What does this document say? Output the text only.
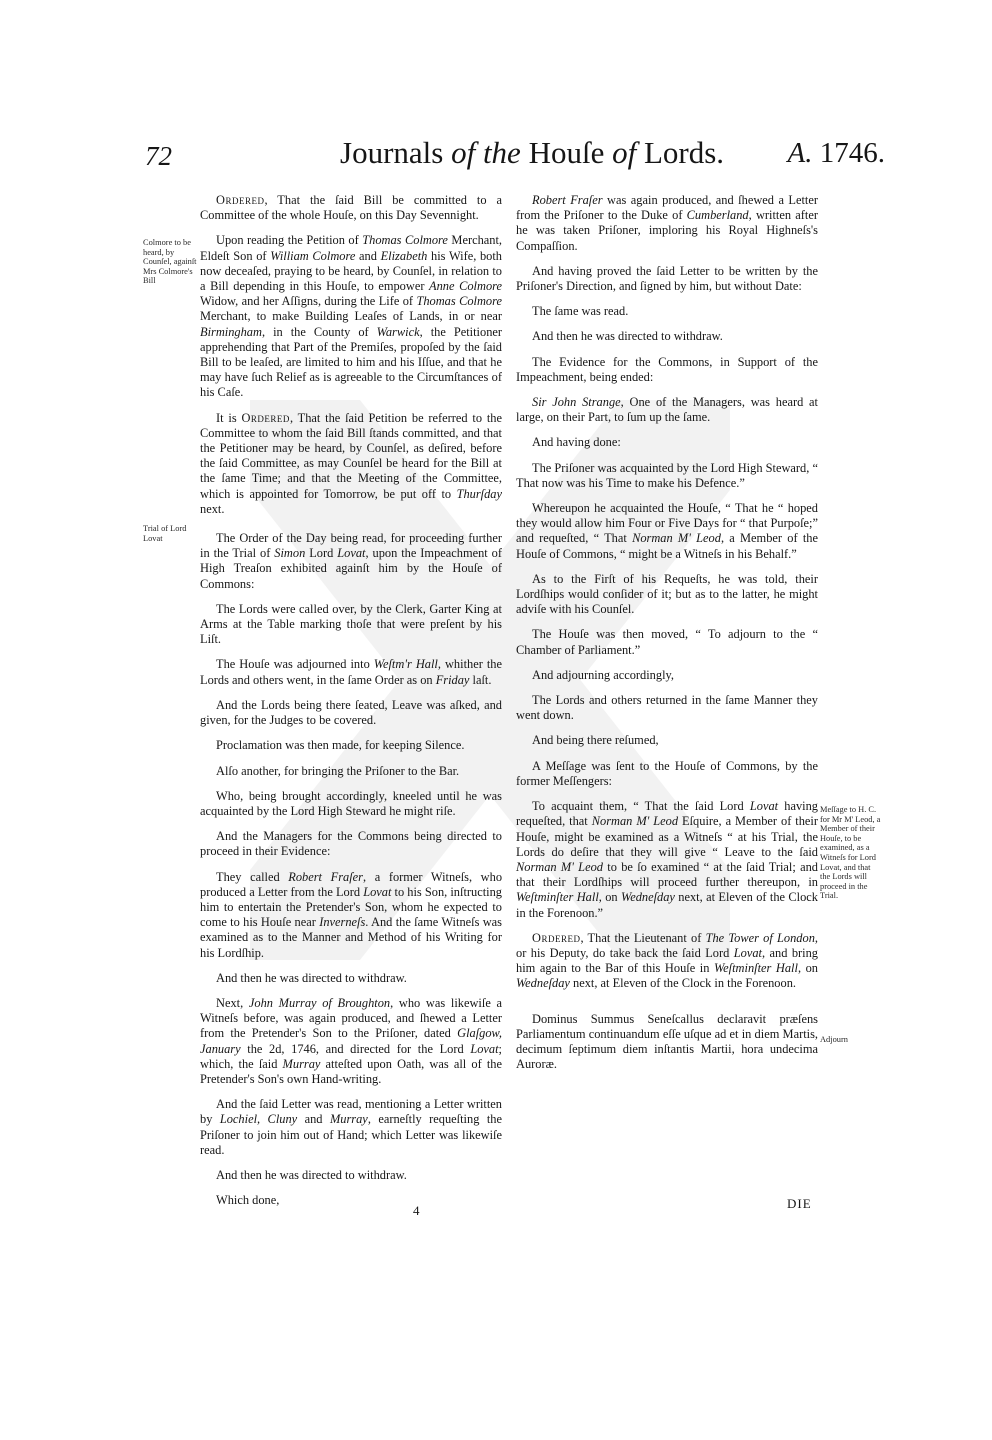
72	Journals of the Houſe of Lords. A. 1746.
Colmore to be heard, by Counſel, againſt Mrs Colmore's Bill
Trial of Lord Lovat
Meſſage to H. C. for Mr M' Leod, a Member of their Houſe, to be examined, as a Witneſs for Lord Lovat, and that the Lords will proceed in the Trial.
Adjourn

Ordered, That the ſaid Bill be committed to a Committee of the whole Houſe, on this Day Sevennight.

Upon reading the Petition of Thomas Colmore Merchant, Eldeſt Son of William Colmore and Elizabeth his Wife, both now deceaſed, praying to be heard, by Counſel, in relation to a Bill depending in this Houſe, to empower Anne Colmore Widow, and her Aſſigns, during the Life of Thomas Colmore Merchant, to make Building Leaſes of Lands, in or near Birmingham, in the County of Warwick, the Petitioner apprehending that Part of the Premiſes, propoſed by the ſaid Bill to be leaſed, are limited to him and his Iſſue, and that he may have ſuch Relief as is agreeable to the Circumſtances of his Caſe.

It is Ordered, That the ſaid Petition be referred to the Committee to whom the ſaid Bill ſtands committed, and that the Petitioner may be heard, by Counſel, as deſired, before the ſaid Committee, as may Counſel be heard for the Bill at the ſame Time; and that the Meeting of the Committee, which is appointed for Tomorrow, be put off to Thurſday next.

The Order of the Day being read, for proceeding further in the Trial of Simon Lord Lovat, upon the Impeachment of High Treaſon exhibited againſt him by the Houſe of Commons:

The Lords were called over, by the Clerk, Garter King at Arms at the Table marking thoſe that were preſent by his Liſt.

The Houſe was adjourned into Weſtm'r Hall, whither the Lords and others went, in the ſame Order as on Friday laſt.

And the Lords being there ſeated, Leave was aſked, and given, for the Judges to be covered.

Proclamation was then made, for keeping Silence.

Alſo another, for bringing the Priſoner to the Bar.

Who, being brought accordingly, kneeled until he was acquainted by the Lord High Steward he might riſe.

And the Managers for the Commons being directed to proceed in their Evidence:

They called Robert Fraſer, a former Witneſs, who produced a Letter from the Lord Lovat to his Son, inſtructing him to entertain the Pretender's Son, whom he expected to come to his Houſe near Inverneſs. And the ſame Witneſs was examined as to the Manner and Method of his Writing for his Lordſhip.

And then he was directed to withdraw.

Next, John Murray of Broughton, who was likewiſe a Witneſs before, was again produced, and ſhewed a Letter from the Pretender's Son to the Priſoner, dated Glaſgow, January the 2d, 1746, and directed for the Lord Lovat; which, the ſaid Murray atteſted upon Oath, was all of the Pretender's Son's own Hand-writing.

And the ſaid Letter was read, mentioning a Letter written by Lochiel, Cluny and Murray, earneſtly requeſting the Priſoner to join him out of Hand; which Letter was likewiſe read.

And then he was directed to withdraw.

Which done,

Robert Fraſer was again produced, and ſhewed a Letter from the Priſoner to the Duke of Cumberland, written after he was taken Priſoner, imploring his Royal Highneſs's Compaſſion.

And having proved the ſaid Letter to be written by the Priſoner's Direction, and ſigned by him, but without Date:

The ſame was read.

And then he was directed to withdraw.

The Evidence for the Commons, in Support of the Impeachment, being ended:

Sir John Strange, One of the Managers, was heard at large, on their Part, to ſum up the ſame.

And having done:

The Priſoner was acquainted by the Lord High Steward, “ That now was his Time to make his Defence.”

Whereupon he acquainted the Houſe, “ That he “ hoped they would allow him Four or Five Days for “ that Purpoſe;” and requeſted, “ That Norman M' Leod, a Member of the Houſe of Commons, “ might be a Witneſs in his Behalf.”

As to the Firſt of his Requeſts, he was told, their Lordſhips would conſider of it; but as to the latter, he might adviſe with his Counſel.

The Houſe was then moved, “ To adjourn to the “ Chamber of Parliament.”

And adjourning accordingly,

The Lords and others returned in the ſame Manner they went down.

And being there reſumed,

A Meſſage was ſent to the Houſe of Commons, by the former Meſſengers:

To acquaint them, “ That the ſaid Lord Lovat having requeſted, that Norman M' Leod Eſquire, a Member of their Houſe, might be examined as a Witneſs “ at his Trial, the Lords do deſire that they will give “ Leave to the ſaid Norman M' Leod to be ſo examined “ at the ſaid Trial; and that their Lordſhips will proceed further thereupon, in Weſtminſter Hall, on Wedneſday next, at Eleven of the Clock in the Forenoon.”

Ordered, That the Lieutenant of The Tower of London, or his Deputy, do take back the ſaid Lord Lovat, and bring him again to the Bar of this Houſe in Weſtminſter Hall, on Wedneſday next, at Eleven of the Clock in the Forenoon.

Dominus Summus Seneſcallus declaravit præſens Parliamentum continuandum eſſe uſque ad et in diem Martis, decimum ſeptimum diem inſtantis Martii, hora undecima Auroræ.

4	DIE
